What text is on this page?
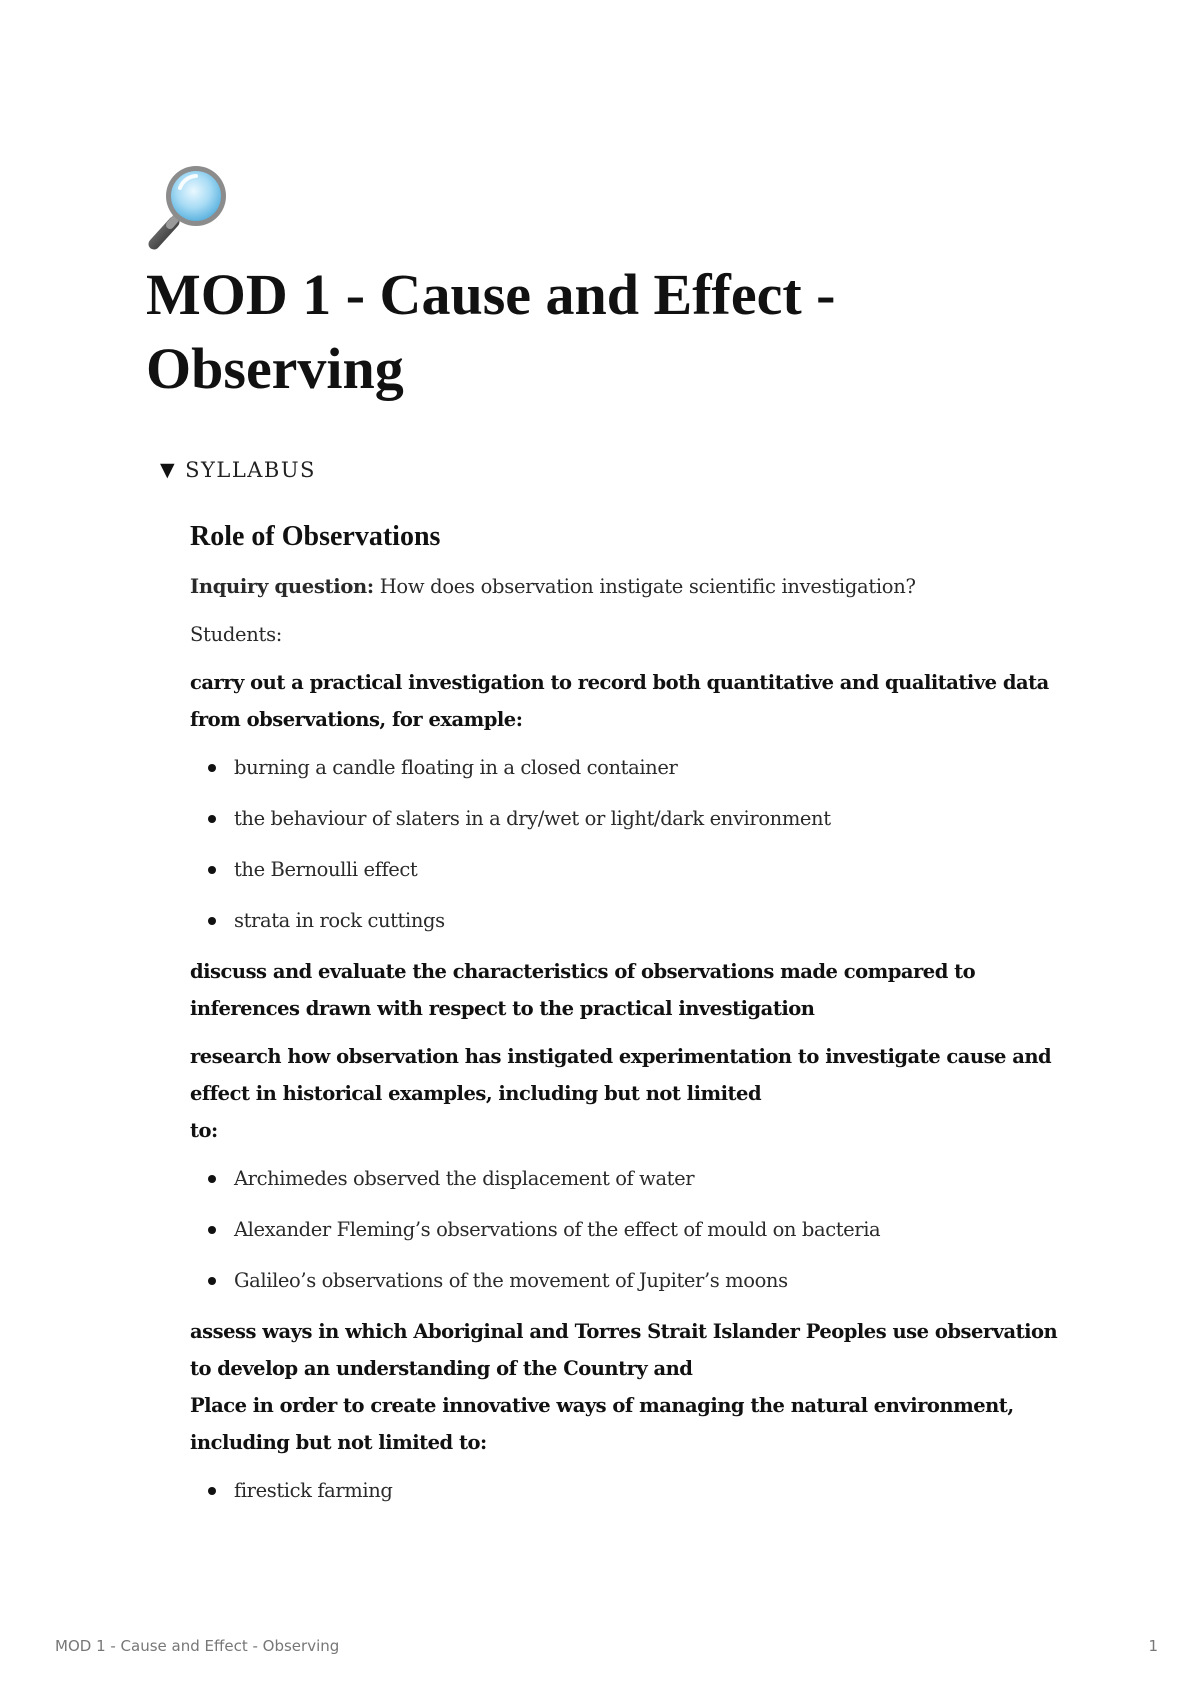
MOD 1 - Cause and Effect - Observing
▼ SYLLABUS
Role of Observations

Inquiry question: How does observation instigate scientific investigation?

Students:

carry out a practical investigation to record both quantitative and qualitative data from observations, for example:

burning a candle floating in a closed container
the behaviour of slaters in a dry/wet or light/dark environment
the Bernoulli effect
strata in rock cuttings

discuss and evaluate the characteristics of observations made compared to inferences drawn with respect to the practical investigation

research how observation has instigated experimentation to investigate cause and effect in historical examples, including but not limited
to:

Archimedes observed the displacement of water
Alexander Fleming’s observations of the effect of mould on bacteria
Galileo’s observations of the movement of Jupiter’s moons

assess ways in which Aboriginal and Torres Strait Islander Peoples use observation to develop an understanding of the Country and
Place in order to create innovative ways of managing the natural environment, including but not limited to:

firestick farming
MOD 1 - Cause and Effect - Observing	1
